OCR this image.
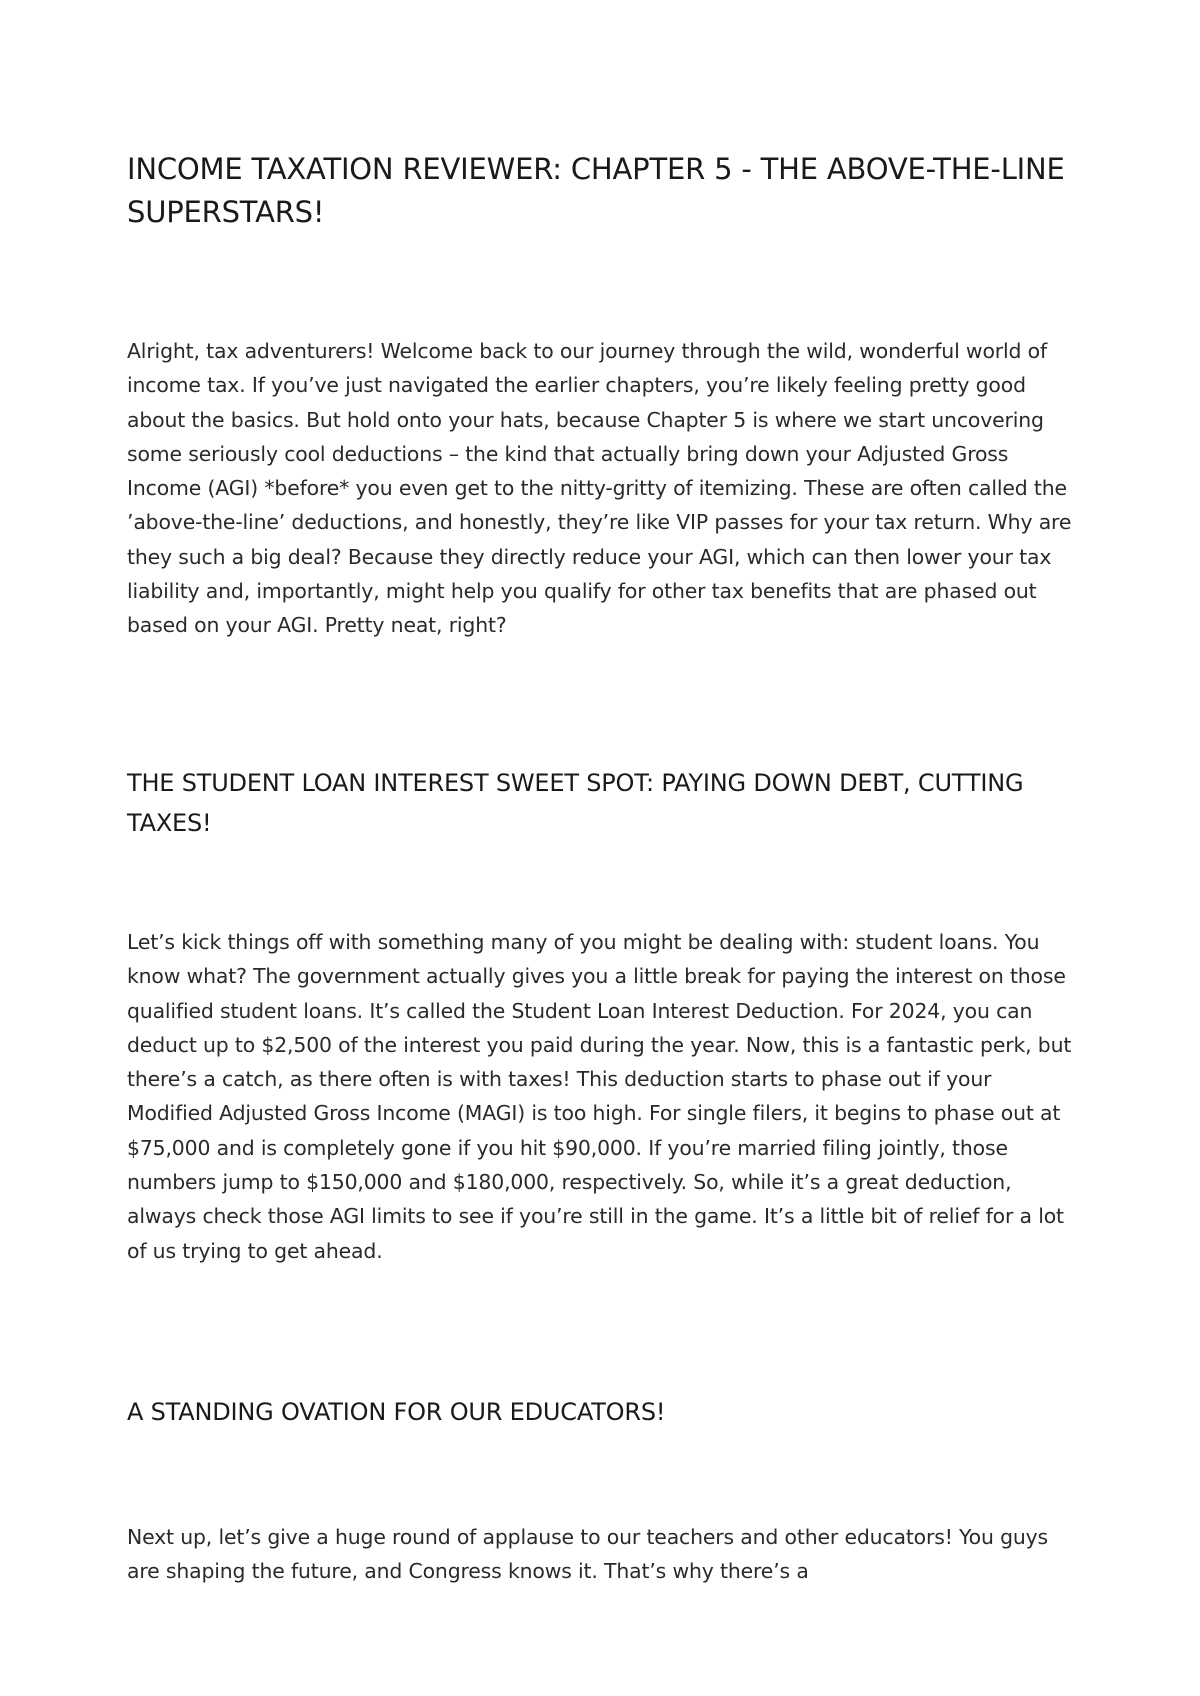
INCOME TAXATION REVIEWER: CHAPTER 5 - THE ABOVE-THE-LINE SUPERSTARS!

Alright, tax adventurers! Welcome back to our journey through the wild, wonderful world of income tax. If you’ve just navigated the earlier chapters, you’re likely feeling pretty good about the basics. But hold onto your hats, because Chapter 5 is where we start uncovering some seriously cool deductions – the kind that actually bring down your Adjusted Gross Income (AGI) *before* you even get to the nitty-gritty of itemizing. These are often called the ’above-the-line’ deductions, and honestly, they’re like VIP passes for your tax return. Why are they such a big deal? Because they directly reduce your AGI, which can then lower your tax liability and, importantly, might help you qualify for other tax benefits that are phased out based on your AGI. Pretty neat, right?

THE STUDENT LOAN INTEREST SWEET SPOT: PAYING DOWN DEBT, CUTTING TAXES!

Let’s kick things off with something many of you might be dealing with: student loans. You know what? The government actually gives you a little break for paying the interest on those qualified student loans. It’s called the Student Loan Interest Deduction. For 2024, you can deduct up to $2,500 of the interest you paid during the year. Now, this is a fantastic perk, but there’s a catch, as there often is with taxes! This deduction starts to phase out if your Modified Adjusted Gross Income (MAGI) is too high. For single filers, it begins to phase out at $75,000 and is completely gone if you hit $90,000. If you’re married filing jointly, those numbers jump to $150,000 and $180,000, respectively. So, while it’s a great deduction, always check those AGI limits to see if you’re still in the game. It’s a little bit of relief for a lot of us trying to get ahead.

A STANDING OVATION FOR OUR EDUCATORS!

Next up, let’s give a huge round of applause to our teachers and other educators! You guys are shaping the future, and Congress knows it. That’s why there’s a
